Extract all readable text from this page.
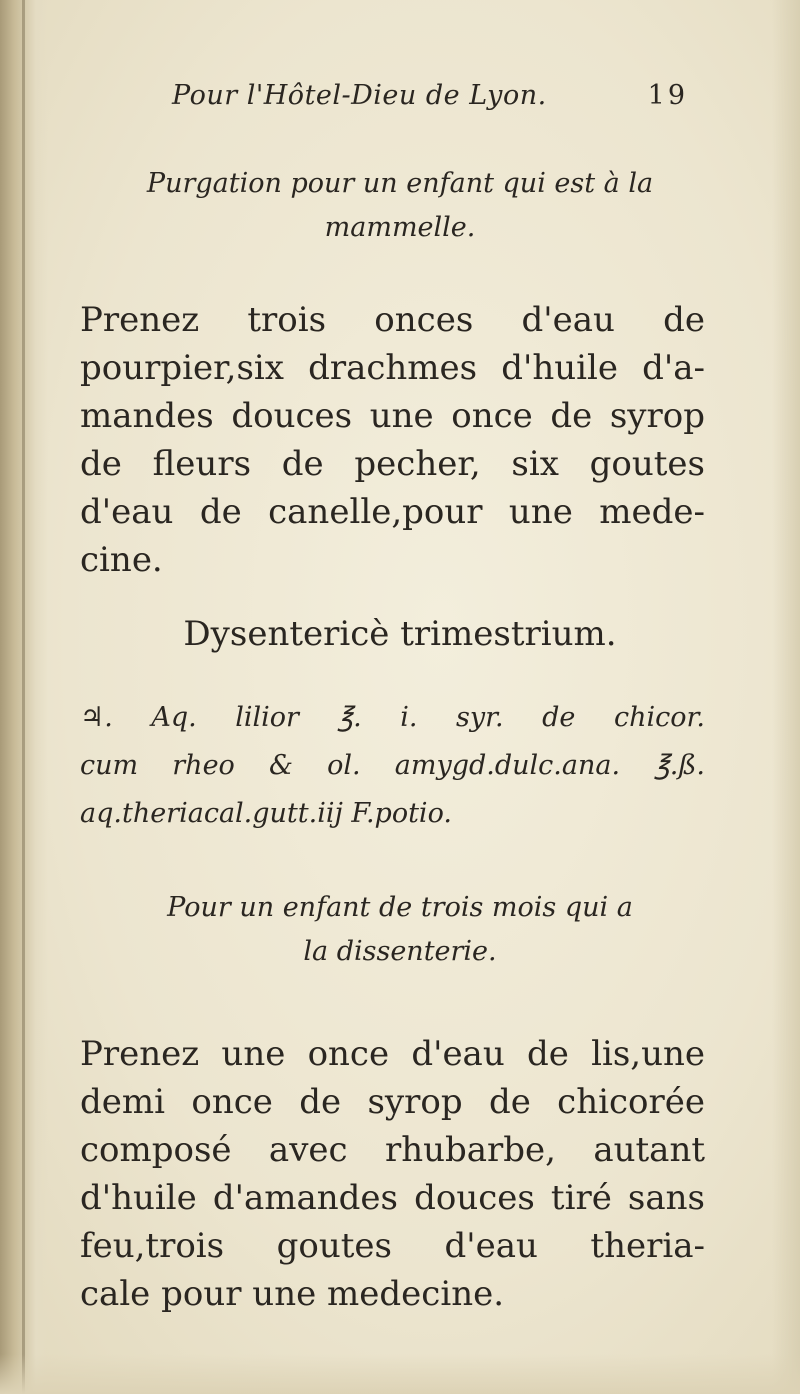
Pour l'Hôtel-Dieu de Lyon.	19
Purgation pour un enfant qui est à la
mammelle.
Prenez trois onces d'eau de
pourpier,six drachmes d'huile d'a-
mandes douces une once de syrop
de fleurs de pecher, six goutes
d'eau de canelle,pour une mede-
cine.
Dysentericè trimestrium.
♃. Aq. lilior ℥. i. syr. de chicor.
cum rheo & ol. amygd.dulc.ana. ℥.ß.
aq.theriacal.gutt.iij F.potio.
Pour un enfant de trois mois qui a
la dissenterie.
Prenez une once d'eau de lis,une
demi once de syrop de chicorée
composé avec rhubarbe, autant
d'huile d'amandes douces tiré sans
feu,trois goutes d'eau theria-
cale pour une medecine.
